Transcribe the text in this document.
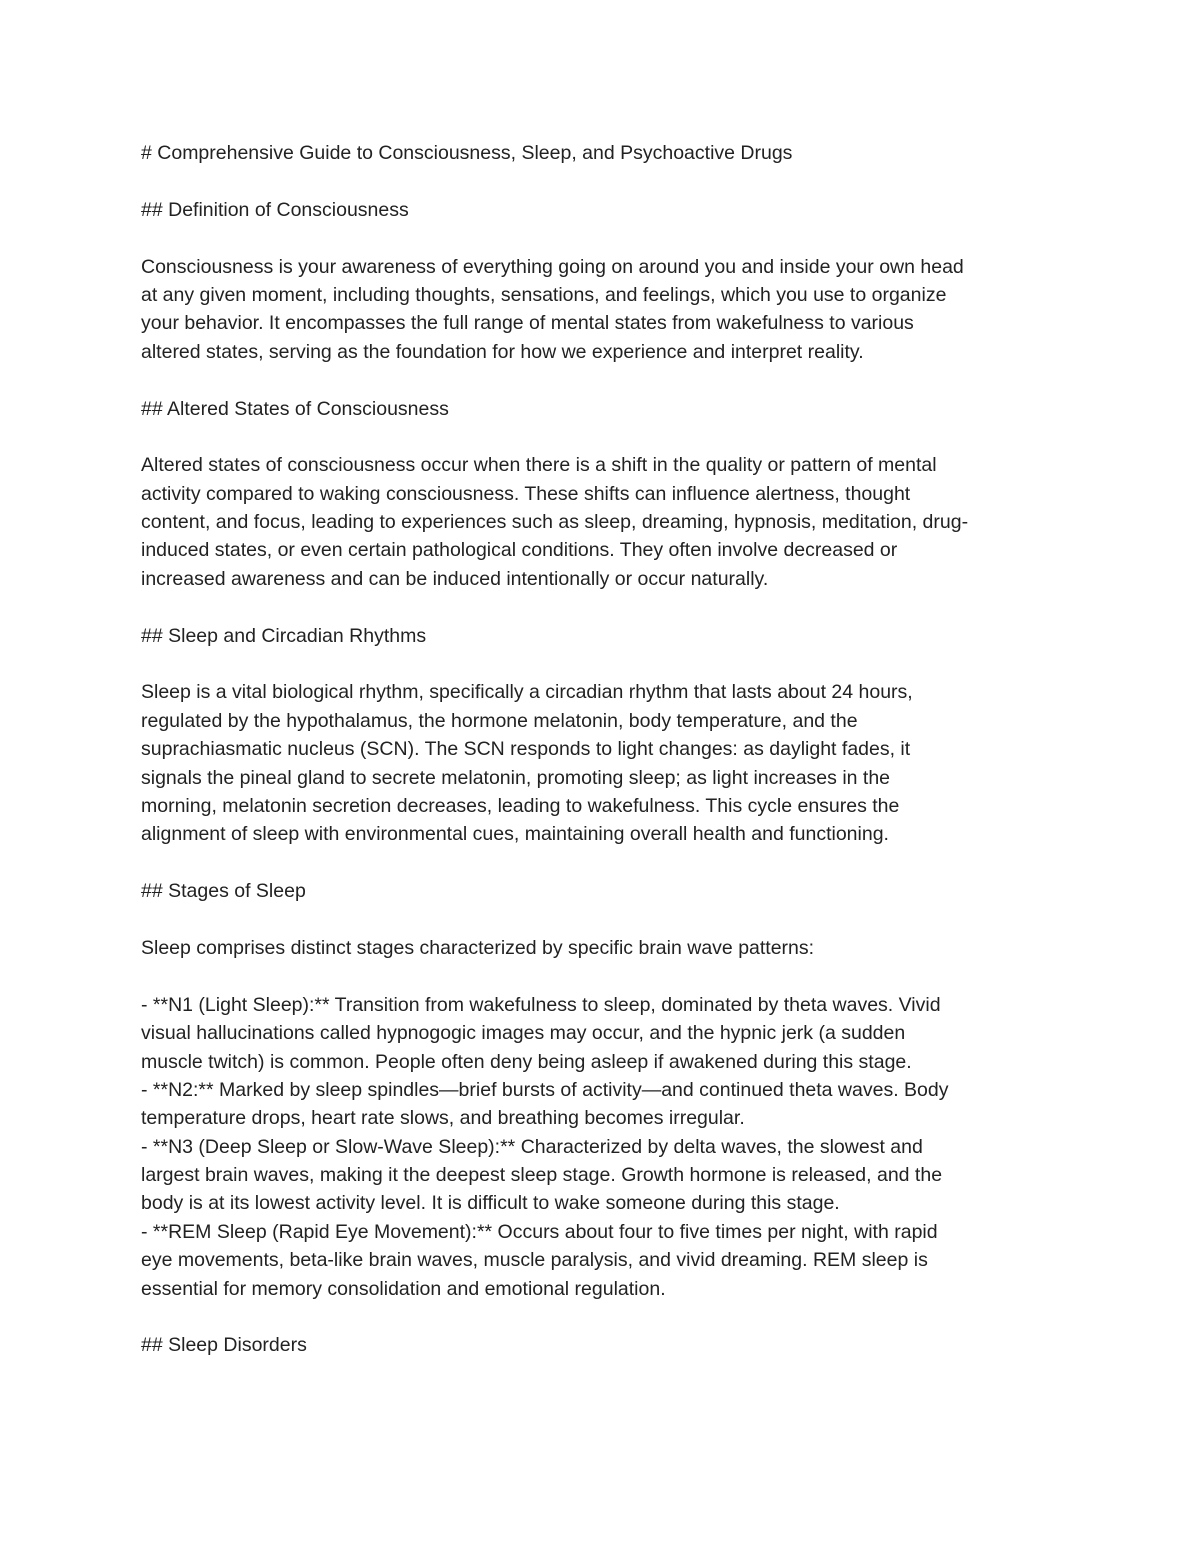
# Comprehensive Guide to Consciousness, Sleep, and Psychoactive Drugs
## Definition of Consciousness
Consciousness is your awareness of everything going on around you and inside your own head
at any given moment, including thoughts, sensations, and feelings, which you use to organize
your behavior. It encompasses the full range of mental states from wakefulness to various
altered states, serving as the foundation for how we experience and interpret reality.
## Altered States of Consciousness
Altered states of consciousness occur when there is a shift in the quality or pattern of mental
activity compared to waking consciousness. These shifts can influence alertness, thought
content, and focus, leading to experiences such as sleep, dreaming, hypnosis, meditation, drug-
induced states, or even certain pathological conditions. They often involve decreased or
increased awareness and can be induced intentionally or occur naturally.
## Sleep and Circadian Rhythms
Sleep is a vital biological rhythm, specifically a circadian rhythm that lasts about 24 hours,
regulated by the hypothalamus, the hormone melatonin, body temperature, and the
suprachiasmatic nucleus (SCN). The SCN responds to light changes: as daylight fades, it
signals the pineal gland to secrete melatonin, promoting sleep; as light increases in the
morning, melatonin secretion decreases, leading to wakefulness. This cycle ensures the
alignment of sleep with environmental cues, maintaining overall health and functioning.
## Stages of Sleep
Sleep comprises distinct stages characterized by specific brain wave patterns:
- **N1 (Light Sleep):** Transition from wakefulness to sleep, dominated by theta waves. Vivid
visual hallucinations called hypnogogic images may occur, and the hypnic jerk (a sudden
muscle twitch) is common. People often deny being asleep if awakened during this stage.
- **N2:** Marked by sleep spindles—brief bursts of activity—and continued theta waves. Body
temperature drops, heart rate slows, and breathing becomes irregular.
- **N3 (Deep Sleep or Slow-Wave Sleep):** Characterized by delta waves, the slowest and
largest brain waves, making it the deepest sleep stage. Growth hormone is released, and the
body is at its lowest activity level. It is difficult to wake someone during this stage.
- **REM Sleep (Rapid Eye Movement):** Occurs about four to five times per night, with rapid
eye movements, beta-like brain waves, muscle paralysis, and vivid dreaming. REM sleep is
essential for memory consolidation and emotional regulation.
## Sleep Disorders
